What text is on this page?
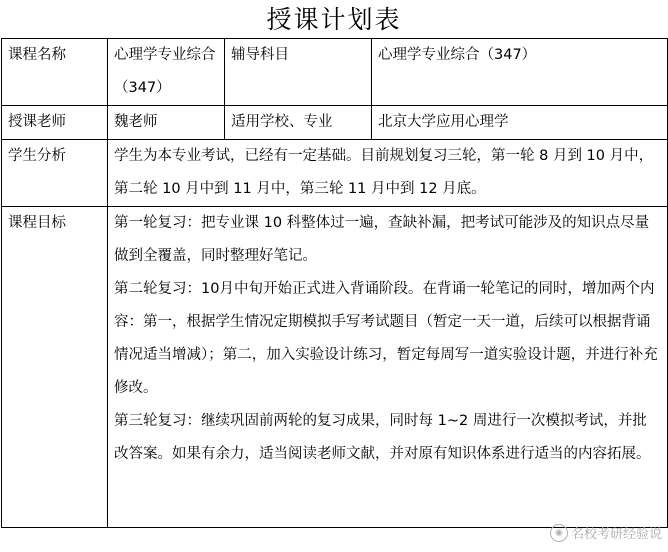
授课计划表
课程名称	心理学专业综合（347）	辅导科目	心理学专业综合（347）
授课老师	魏老师	适用学校、专业	北京大学应用心理学
学生分析	学生为本专业考试，已经有一定基础。目前规划复习三轮，第一轮 8 月到 10 月中，第二轮 10 月中到 11 月中，第三轮 11 月中到 12 月底。		
课程目标	第一轮复习：把专业课 10 科整体过一遍，查缺补漏，把考试可能涉及的知识点尽量做到全覆盖，同时整理好笔记。

第二轮复习：10月中旬开始正式进入背诵阶段。在背诵一轮笔记的同时，增加两个内容：第一，根据学生情况定期模拟手写考试题目（暂定一天一道，后续可以根据背诵情况适当增减）；第二，加入实验设计练习，暂定每周写一道实验设计题，并进行补充修改。

第三轮复习：继续巩固前两轮的复习成果，同时每 1~2 周进行一次模拟考试，并批改答案。如果有余力，适当阅读老师文献，并对原有知识体系进行适当的内容拓展。		

◉ 名校考研经验说
